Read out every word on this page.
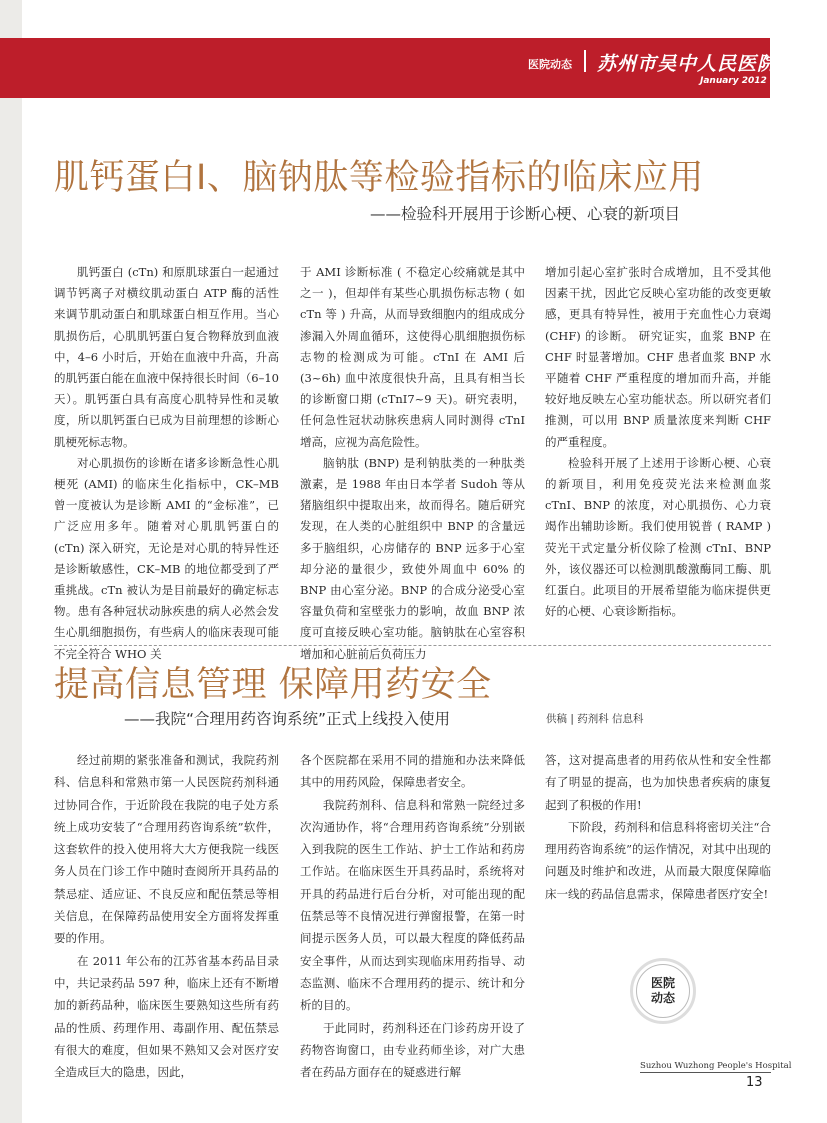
医院动态 苏州市吴中人民医院
January 2012
肌钙蛋白I、脑钠肽等检验指标的临床应用
——检验科开展用于诊断心梗、心衰的新项目

肌钙蛋白 (cTn) 和原肌球蛋白一起通过调节钙离子对横纹肌动蛋白 ATP 酶的活性来调节肌动蛋白和肌球蛋白相互作用。当心肌损伤后，心肌肌钙蛋白复合物释放到血液中，4–6 小时后，开始在血液中升高，升高的肌钙蛋白能在血液中保持很长时间（6–10 天）。肌钙蛋白具有高度心肌特异性和灵敏度，所以肌钙蛋白已成为目前理想的诊断心肌梗死标志物。

对心肌损伤的诊断在诸多诊断急性心肌梗死 (AMI) 的临床生化指标中，CK–MB 曾一度被认为是诊断 AMI 的“金标准”，已广泛应用多年。随着对心肌肌钙蛋白的 (cTn) 深入研究，无论是对心肌的特异性还是诊断敏感性，CK–MB 的地位都受到了严重挑战。cTn 被认为是目前最好的确定标志物。患有各种冠状动脉疾患的病人必然会发生心肌细胞损伤，有些病人的临床表现可能不完全符合 WHO 关

于 AMI 诊断标准 ( 不稳定心绞痛就是其中之一 )，但却伴有某些心肌损伤标志物 ( 如 cTn 等 ) 升高，从而导致细胞内的组成成分渗漏入外周血循环，这使得心肌细胞损伤标志物的检测成为可能。cTnI 在 AMI 后 (3~6h) 血中浓度很快升高，且具有相当长的诊断窗口期 (cTnI7~9 天)。研究表明，任何急性冠状动脉疾患病人同时测得 cTnI 增高，应视为高危险性。

脑钠肽 (BNP) 是利钠肽类的一种肽类激素，是 1988 年由日本学者 Sudoh 等从猪脑组织中提取出来，故而得名。随后研究发现，在人类的心脏组织中 BNP 的含量远多于脑组织，心房储存的 BNP 远多于心室却分泌的量很少，致使外周血中 60% 的 BNP 由心室分泌。BNP 的合成分泌受心室容量负荷和室壁张力的影响，故血 BNP 浓度可直接反映心室功能。脑钠肽在心室容积增加和心脏前后负荷压力

增加引起心室扩张时合成增加，且不受其他因素干扰，因此它反映心室功能的改变更敏感，更具有特异性，被用于充血性心力衰竭 (CHF) 的诊断。 研究证实，血浆 BNP 在 CHF 时显著增加。CHF 患者血浆 BNP 水平随着 CHF 严重程度的增加而升高，并能较好地反映左心室功能状态。所以研究者们推测，可以用 BNP 质量浓度来判断 CHF 的严重程度。

检验科开展了上述用于诊断心梗、心衰的新项目，利用免疫荧光法来检测血浆 cTnI、BNP 的浓度，对心肌损伤、心力衰竭作出辅助诊断。我们使用锐普 ( RAMP ) 荧光干式定量分析仪除了检测 cTnI、BNP 外，该仪器还可以检测肌酸激酶同工酶、肌红蛋白。此项目的开展希望能为临床提供更好的心梗、心衰诊断指标。

提高信息管理 保障用药安全
——我院“合理用药咨询系统”正式上线投入使用	供稿 | 药剂科 信息科

经过前期的紧张准备和测试，我院药剂科、信息科和常熟市第一人民医院药剂科通过协同合作，于近阶段在我院的电子处方系统上成功安装了“合理用药咨询系统”软件，这套软件的投入使用将大大方便我院一线医务人员在门诊工作中随时查阅所开具药品的禁忌症、适应证、不良反应和配伍禁忌等相关信息，在保障药品使用安全方面将发挥重要的作用。

在 2011 年公布的江苏省基本药品目录中，共记录药品 597 种，临床上还有不断增加的新药品种，临床医生要熟知这些所有药品的性质、药理作用、毒副作用、配伍禁忌有很大的难度，但如果不熟知又会对医疗安全造成巨大的隐患，因此，

各个医院都在采用不同的措施和办法来降低其中的用药风险，保障患者安全。

我院药剂科、信息科和常熟一院经过多次沟通协作，将“合理用药咨询系统”分别嵌入到我院的医生工作站、护士工作站和药房工作站。在临床医生开具药品时，系统将对开具的药品进行后台分析，对可能出现的配伍禁忌等不良情况进行弹窗报警，在第一时间提示医务人员，可以最大程度的降低药品安全事件，从而达到实现临床用药指导、动态监测、临床不合理用药的提示、统计和分析的目的。

于此同时，药剂科还在门诊药房开设了药物咨询窗口，由专业药师坐诊，对广大患者在药品方面存在的疑惑进行解

答，这对提高患者的用药依从性和安全性都有了明显的提高，也为加快患者疾病的康复起到了积极的作用!

下阶段，药剂科和信息科将密切关注“合理用药咨询系统”的运作情况，对其中出现的问题及时维护和改进，从而最大限度保障临床一线的药品信息需求，保障患者医疗安全!

医院
动态
Suzhou Wuzhong People's Hospital
13
